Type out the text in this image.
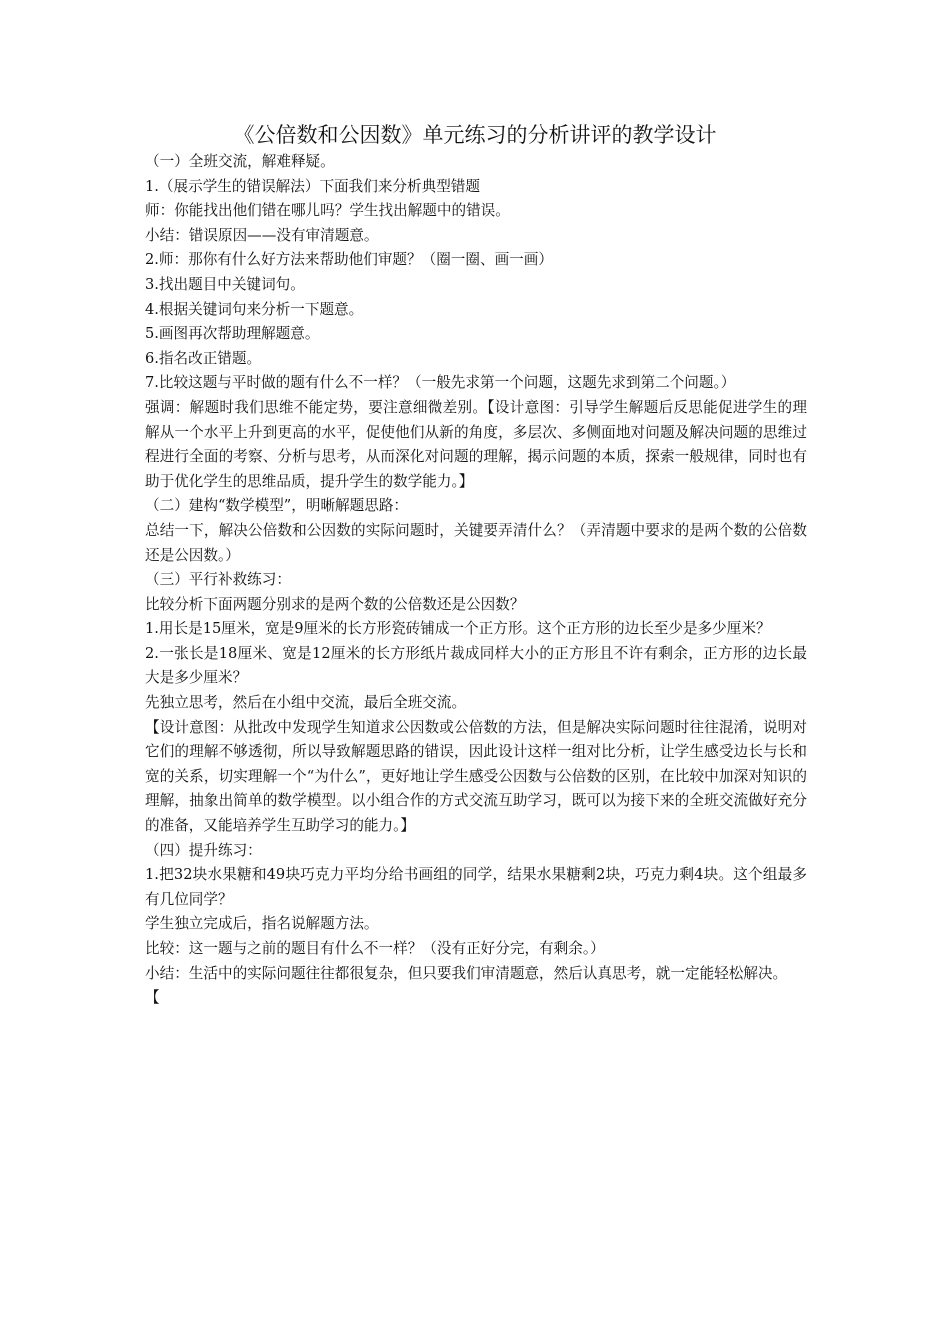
《公倍数和公因数》单元练习的分析讲评的教学设计

（一）全班交流，解难释疑。

1.（展示学生的错误解法）下面我们来分析典型错题

师：你能找出他们错在哪儿吗？学生找出解题中的错误。

小结：错误原因——没有审清题意。

2.师：那你有什么好方法来帮助他们审题？（圈一圈、画一画）

3.找出题目中关键词句。

4.根据关键词句来分析一下题意。

5.画图再次帮助理解题意。

6.指名改正错题。

7.比较这题与平时做的题有什么不一样？（一般先求第一个问题，这题先求到第二个问题。）

强调：解题时我们思维不能定势，要注意细微差别。【设计意图：引导学生解题后反思能促进学生的理解从一个水平上升到更高的水平，促使他们从新的角度，多层次、多侧面地对问题及解决问题的思维过程进行全面的考察、分析与思考，从而深化对问题的理解，揭示问题的本质，探索一般规律，同时也有助于优化学生的思维品质，提升学生的数学能力。】

（二）建构“数学模型”，明晰解题思路：

总结一下，解决公倍数和公因数的实际问题时，关键要弄清什么？（弄清题中要求的是两个数的公倍数还是公因数。）

（三）平行补救练习：

比较分析下面两题分别求的是两个数的公倍数还是公因数？

1.用长是15厘米，宽是9厘米的长方形瓷砖铺成一个正方形。这个正方形的边长至少是多少厘米？

2.一张长是18厘米、宽是12厘米的长方形纸片裁成同样大小的正方形且不许有剩余，正方形的边长最大是多少厘米？

先独立思考，然后在小组中交流，最后全班交流。

【设计意图：从批改中发现学生知道求公因数或公倍数的方法，但是解决实际问题时往往混淆，说明对它们的理解不够透彻，所以导致解题思路的错误，因此设计这样一组对比分析，让学生感受边长与长和宽的关系，切实理解一个“为什么”，更好地让学生感受公因数与公倍数的区别，在比较中加深对知识的理解，抽象出简单的数学模型。以小组合作的方式交流互助学习，既可以为接下来的全班交流做好充分的准备，又能培养学生互助学习的能力。】

（四）提升练习：

1.把32块水果糖和49块巧克力平均分给书画组的同学，结果水果糖剩2块，巧克力剩4块。这个组最多有几位同学？

学生独立完成后，指名说解题方法。

比较：这一题与之前的题目有什么不一样？（没有正好分完，有剩余。）

小结：生活中的实际问题往往都很复杂，但只要我们审清题意，然后认真思考，就一定能轻松解决。

【
